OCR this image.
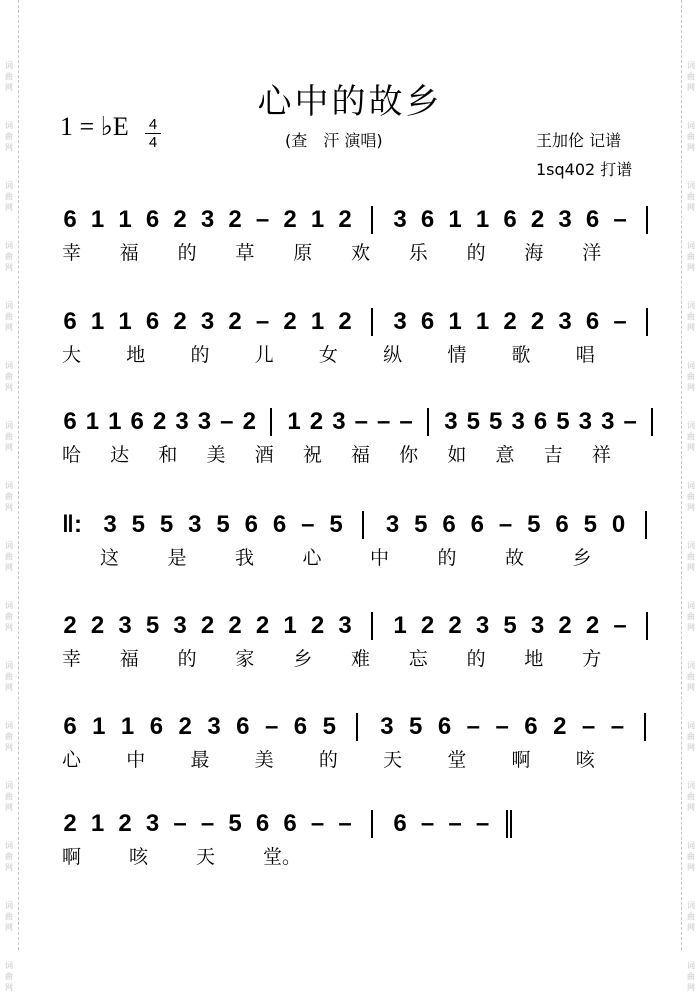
词曲网
词曲网
词曲网
词曲网
词曲网
词曲网
词曲网
词曲网
词曲网
词曲网
词曲网
词曲网
词曲网
词曲网
词曲网
词曲网
词曲网
词曲网
词曲网
词曲网
词曲网
词曲网
词曲网
词曲网
词曲网
词曲网
词曲网
词曲网
词曲网
词曲网
词曲网
词曲网
心中的故乡
1 = ♭E 4
4	(查　汗 演唱)	王加伦 记谱
1sq402 打谱
6 1 1 6 2 3 2 – 2 1 2 3 6 1 1 6 2 3 6 –
幸 福 的 草 原 欢 乐 的 海 洋
6 1 1 6 2 3 2 – 2 1 2 3 6 1 1 2 2 3 6 –
大 地 的 儿 女 纵 情 歌 唱
6 1 1 6 2 3 3 – 2 1 2 3 – – – 3 5 5 3 6 5 3 3 –
哈 达 和 美 酒 祝 福 你 如 意 吉 祥
‖: 3 5 5 3 5 6 6 – 5 3 5 6 6 – 5 6 5 0
这	是	我	心	中	的	故	乡
2 2 3 5 3 2 2 2 1 2 3 1 2 2 3 5 3 2 2 –
幸 福 的 家 乡 难 忘 的 地 方
6 1 1 6 2 3 6 – 6 5 3 5 6 – – 6 2 – –
心 中 最 美 的 天 堂 啊 咳
2 1 2 3 – – 5 6 6 – – 6 – – –
啊	咳	天	堂。
